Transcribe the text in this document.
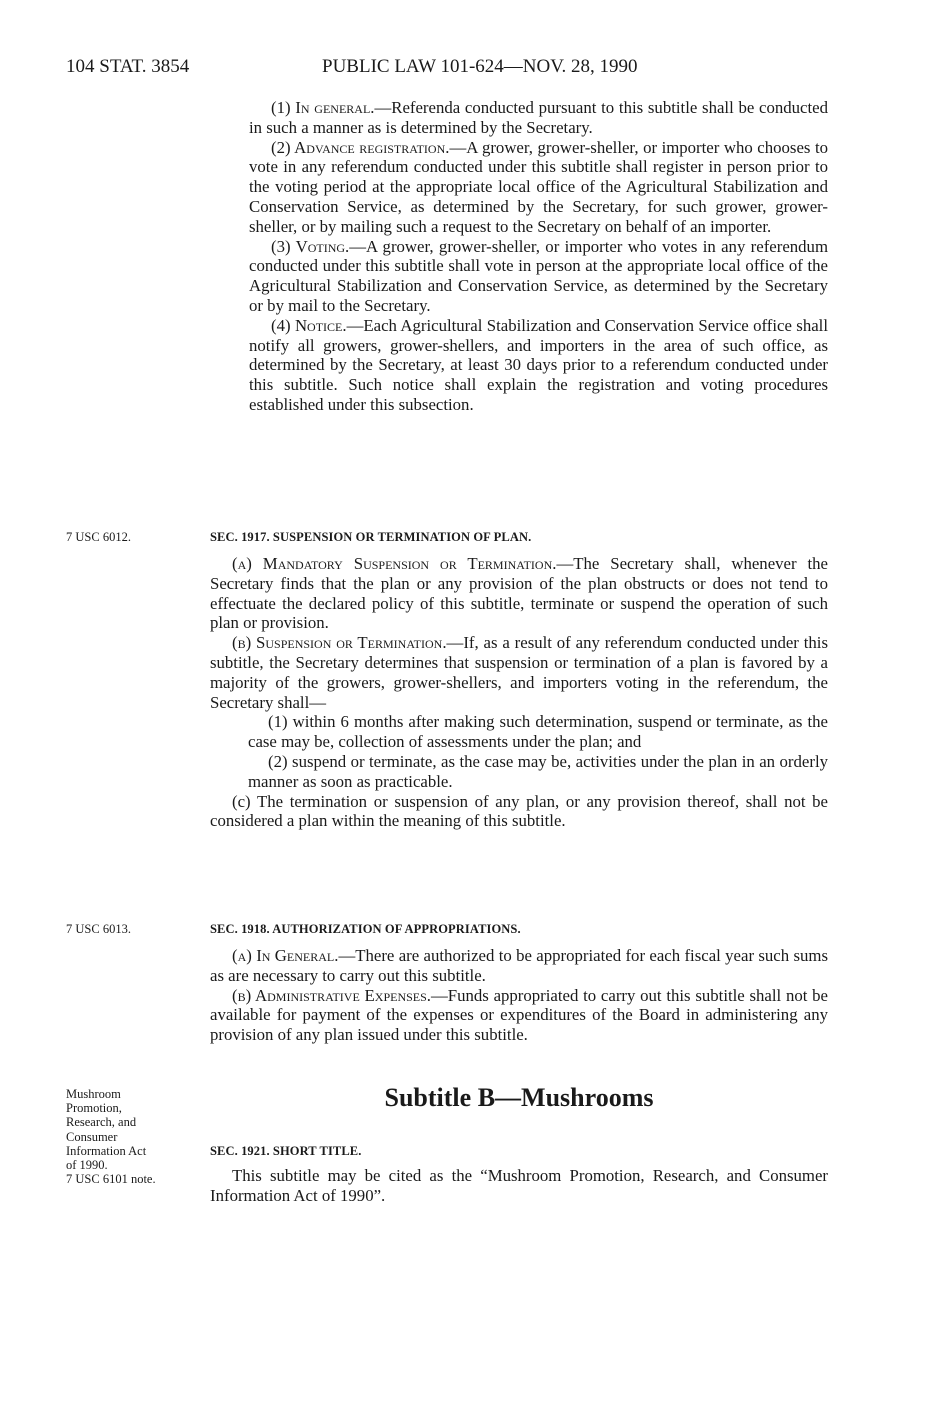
104 STAT. 3854	PUBLIC LAW 101-624—NOV. 28, 1990

(1) In general.—Referenda conducted pursuant to this subtitle shall be conducted in such a manner as is determined by the Secretary.

(2) Advance registration.—A grower, grower-sheller, or importer who chooses to vote in any referendum conducted under this subtitle shall register in person prior to the voting period at the appropriate local office of the Agricultural Stabilization and Conservation Service, as determined by the Secretary, for such grower, grower-sheller, or by mailing such a request to the Secretary on behalf of an importer.

(3) Voting.—A grower, grower-sheller, or importer who votes in any referendum conducted under this subtitle shall vote in person at the appropriate local office of the Agricultural Stabilization and Conservation Service, as determined by the Secretary or by mail to the Secretary.

(4) Notice.—Each Agricultural Stabilization and Conservation Service office shall notify all growers, grower-shellers, and importers in the area of such office, as determined by the Secretary, at least 30 days prior to a referendum conducted under this subtitle. Such notice shall explain the registration and voting procedures established under this subsection.

7 USC 6012.	SEC. 1917. SUSPENSION OR TERMINATION OF PLAN.

(a) Mandatory Suspension or Termination.—The Secretary shall, whenever the Secretary finds that the plan or any provision of the plan obstructs or does not tend to effectuate the declared policy of this subtitle, terminate or suspend the operation of such plan or provision.

(b) Suspension or Termination.—If, as a result of any referendum conducted under this subtitle, the Secretary determines that suspension or termination of a plan is favored by a majority of the growers, grower-shellers, and importers voting in the referendum, the Secretary shall—

(1) within 6 months after making such determination, suspend or terminate, as the case may be, collection of assessments under the plan; and

(2) suspend or terminate, as the case may be, activities under the plan in an orderly manner as soon as practicable.

(c) The termination or suspension of any plan, or any provision thereof, shall not be considered a plan within the meaning of this subtitle.

7 USC 6013.	SEC. 1918. AUTHORIZATION OF APPROPRIATIONS.

(a) In General.—There are authorized to be appropriated for each fiscal year such sums as are necessary to carry out this subtitle.

(b) Administrative Expenses.—Funds appropriated to carry out this subtitle shall not be available for payment of the expenses or expenditures of the Board in administering any provision of any plan issued under this subtitle.

Mushroom
Promotion,
Research, and
Consumer
Information Act
of 1990.
7 USC 6101 note.
Subtitle B—Mushrooms
SEC. 1921. SHORT TITLE.

This subtitle may be cited as the “Mushroom Promotion, Research, and Consumer Information Act of 1990”.
